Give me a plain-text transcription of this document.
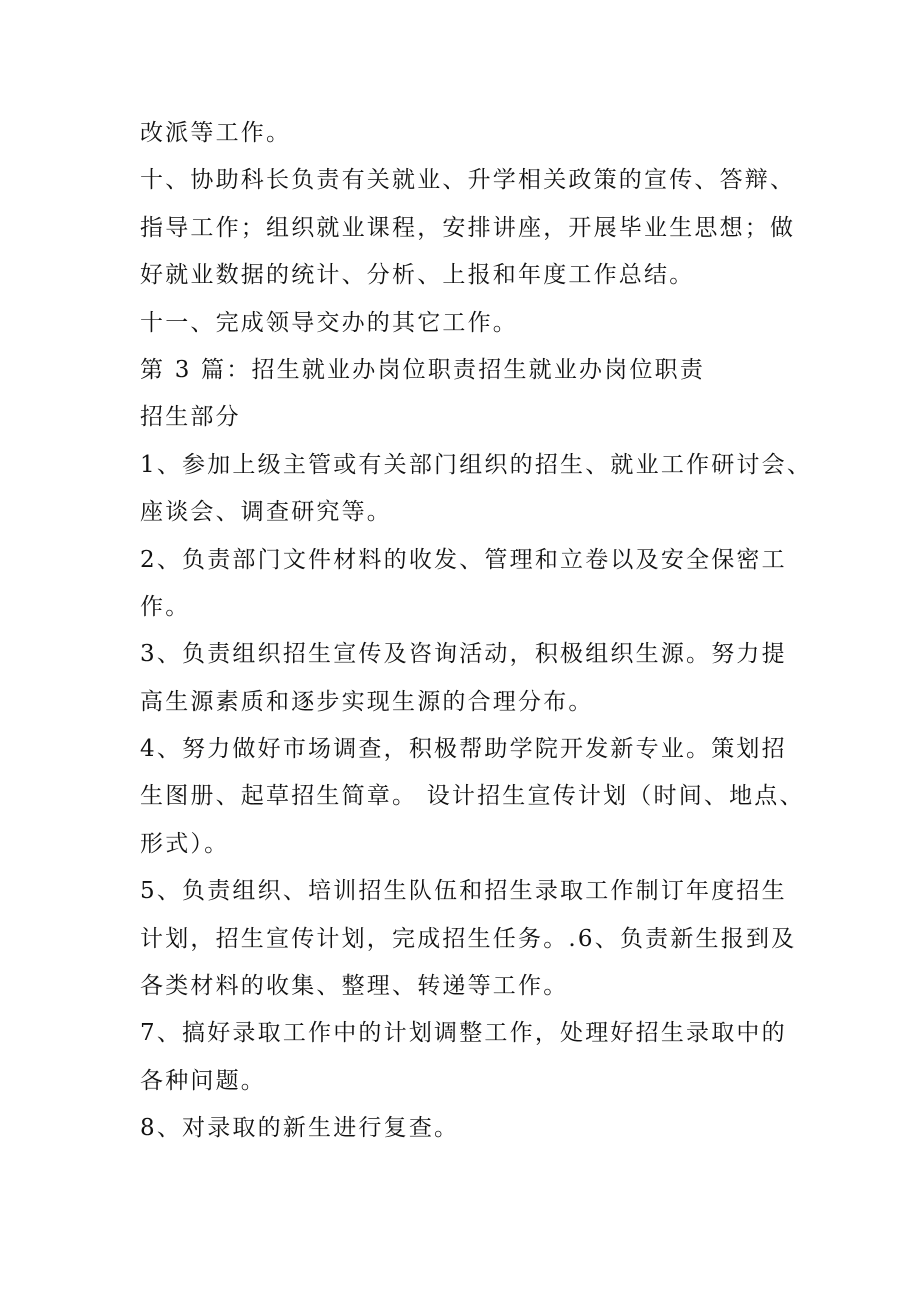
改派等工作。

十、协助科长负责有关就业、升学相关政策的宣传、答辩、

指导工作；组织就业课程，安排讲座，开展毕业生思想；做

好就业数据的统计、分析、上报和年度工作总结。

十一、完成领导交办的其它工作。

第 3 篇：招生就业办岗位职责招生就业办岗位职责

招生部分

1、参加上级主管或有关部门组织的招生、就业工作研讨会、

座谈会、调查研究等。

2、负责部门文件材料的收发、管理和立卷以及安全保密工

作。

3、负责组织招生宣传及咨询活动，积极组织生源。努力提

高生源素质和逐步实现生源的合理分布。

4、努力做好市场调查，积极帮助学院开发新专业。策划招

生图册、起草招生简章。 设计招生宣传计划（时间、地点、

形式）。

5、负责组织、培训招生队伍和招生录取工作制订年度招生

计划，招生宣传计划，完成招生任务。.6、负责新生报到及

各类材料的收集、整理、转递等工作。

7、搞好录取工作中的计划调整工作，处理好招生录取中的

各种问题。

8、对录取的新生进行复查。
